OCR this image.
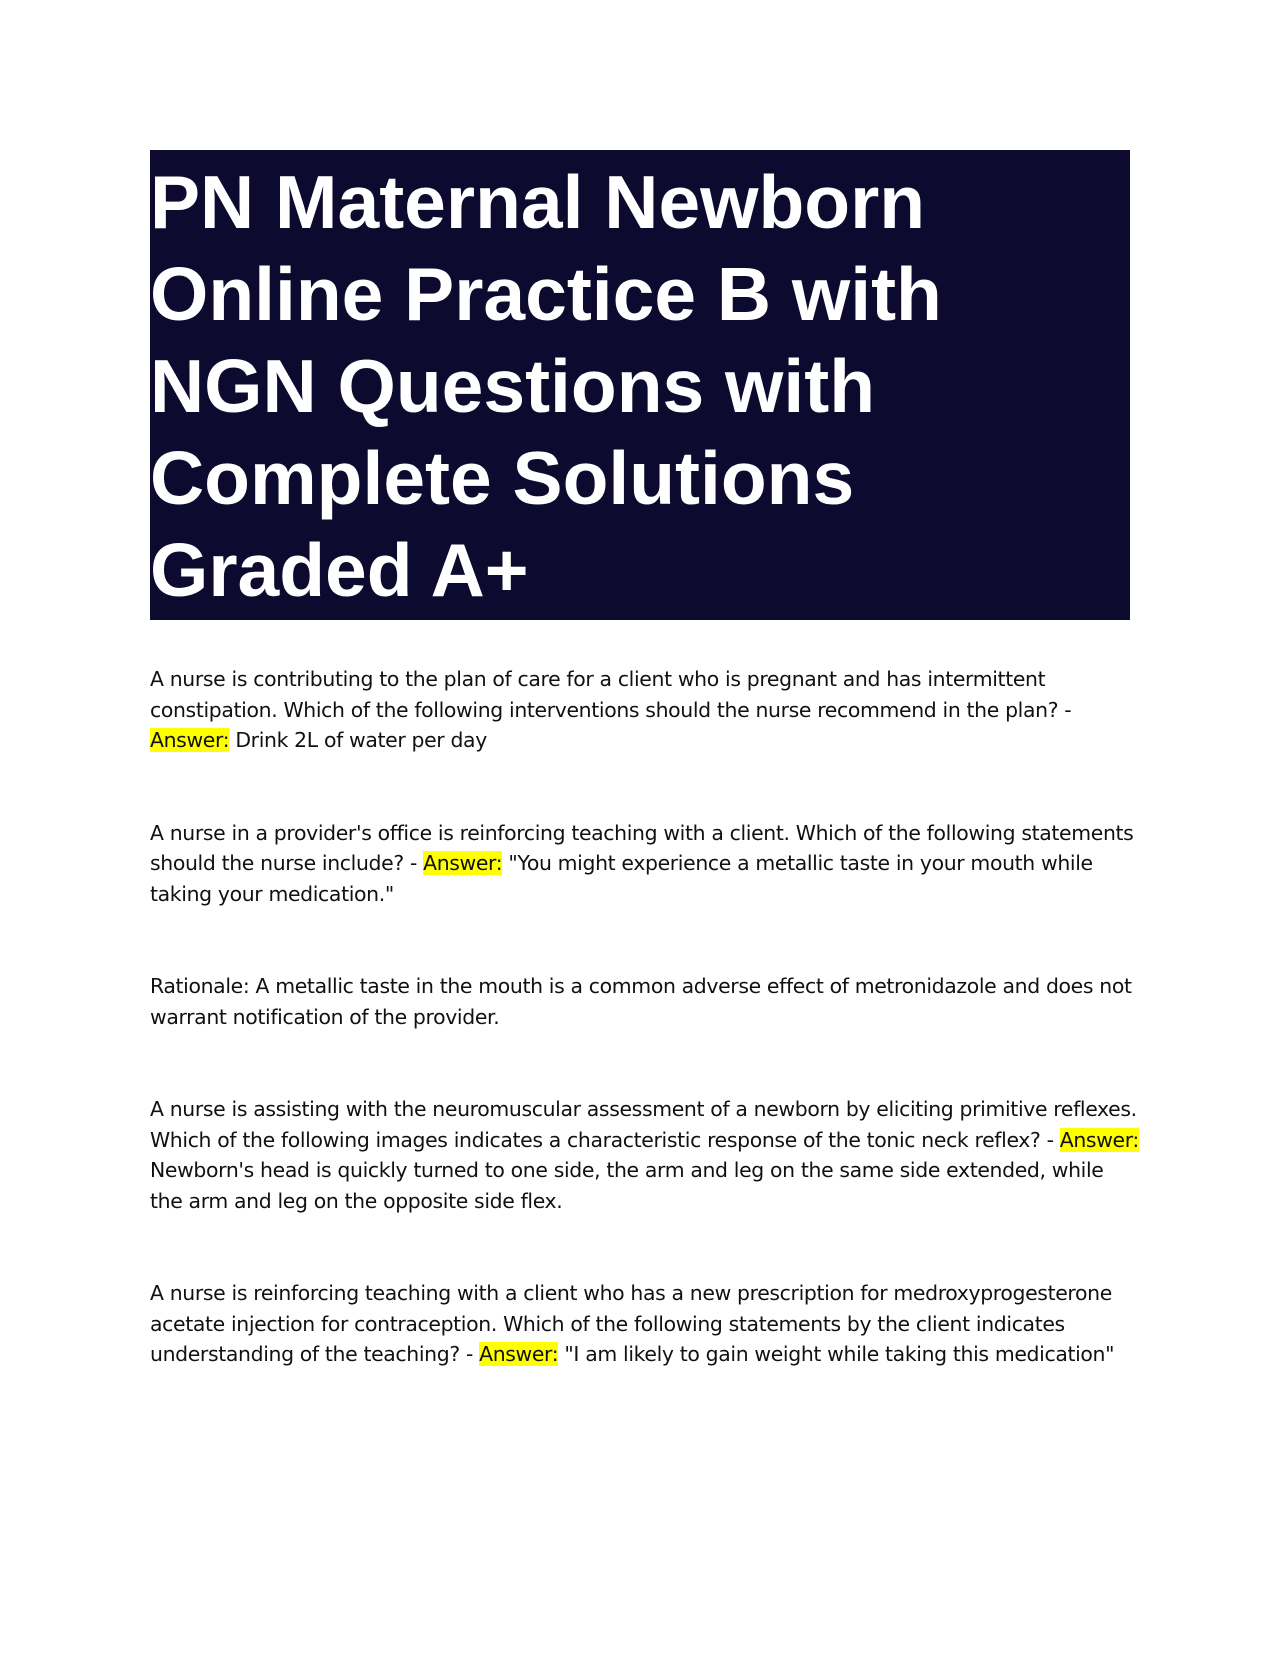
PN Maternal Newborn
Online Practice B with
NGN Questions with
Complete Solutions
Graded A+

A nurse is contributing to the plan of care for a client who is pregnant and has intermittent constipation. Which of the following interventions should the nurse recommend in the plan? - Answer: Drink 2L of water per day

A nurse in a provider's office is reinforcing teaching with a client. Which of the following statements should the nurse include? - Answer: "You might experience a metallic taste in your mouth while taking your medication."

Rationale: A metallic taste in the mouth is a common adverse effect of metronidazole and does not warrant notification of the provider.

A nurse is assisting with the neuromuscular assessment of a newborn by eliciting primitive reflexes. Which of the following images indicates a characteristic response of the tonic neck reflex? - Answer: Newborn's head is quickly turned to one side, the arm and leg on the same side extended, while the arm and leg on the opposite side flex.

A nurse is reinforcing teaching with a client who has a new prescription for medroxyprogesterone acetate injection for contraception. Which of the following statements by the client indicates understanding of the teaching? - Answer: "I am likely to gain weight while taking this medication"
